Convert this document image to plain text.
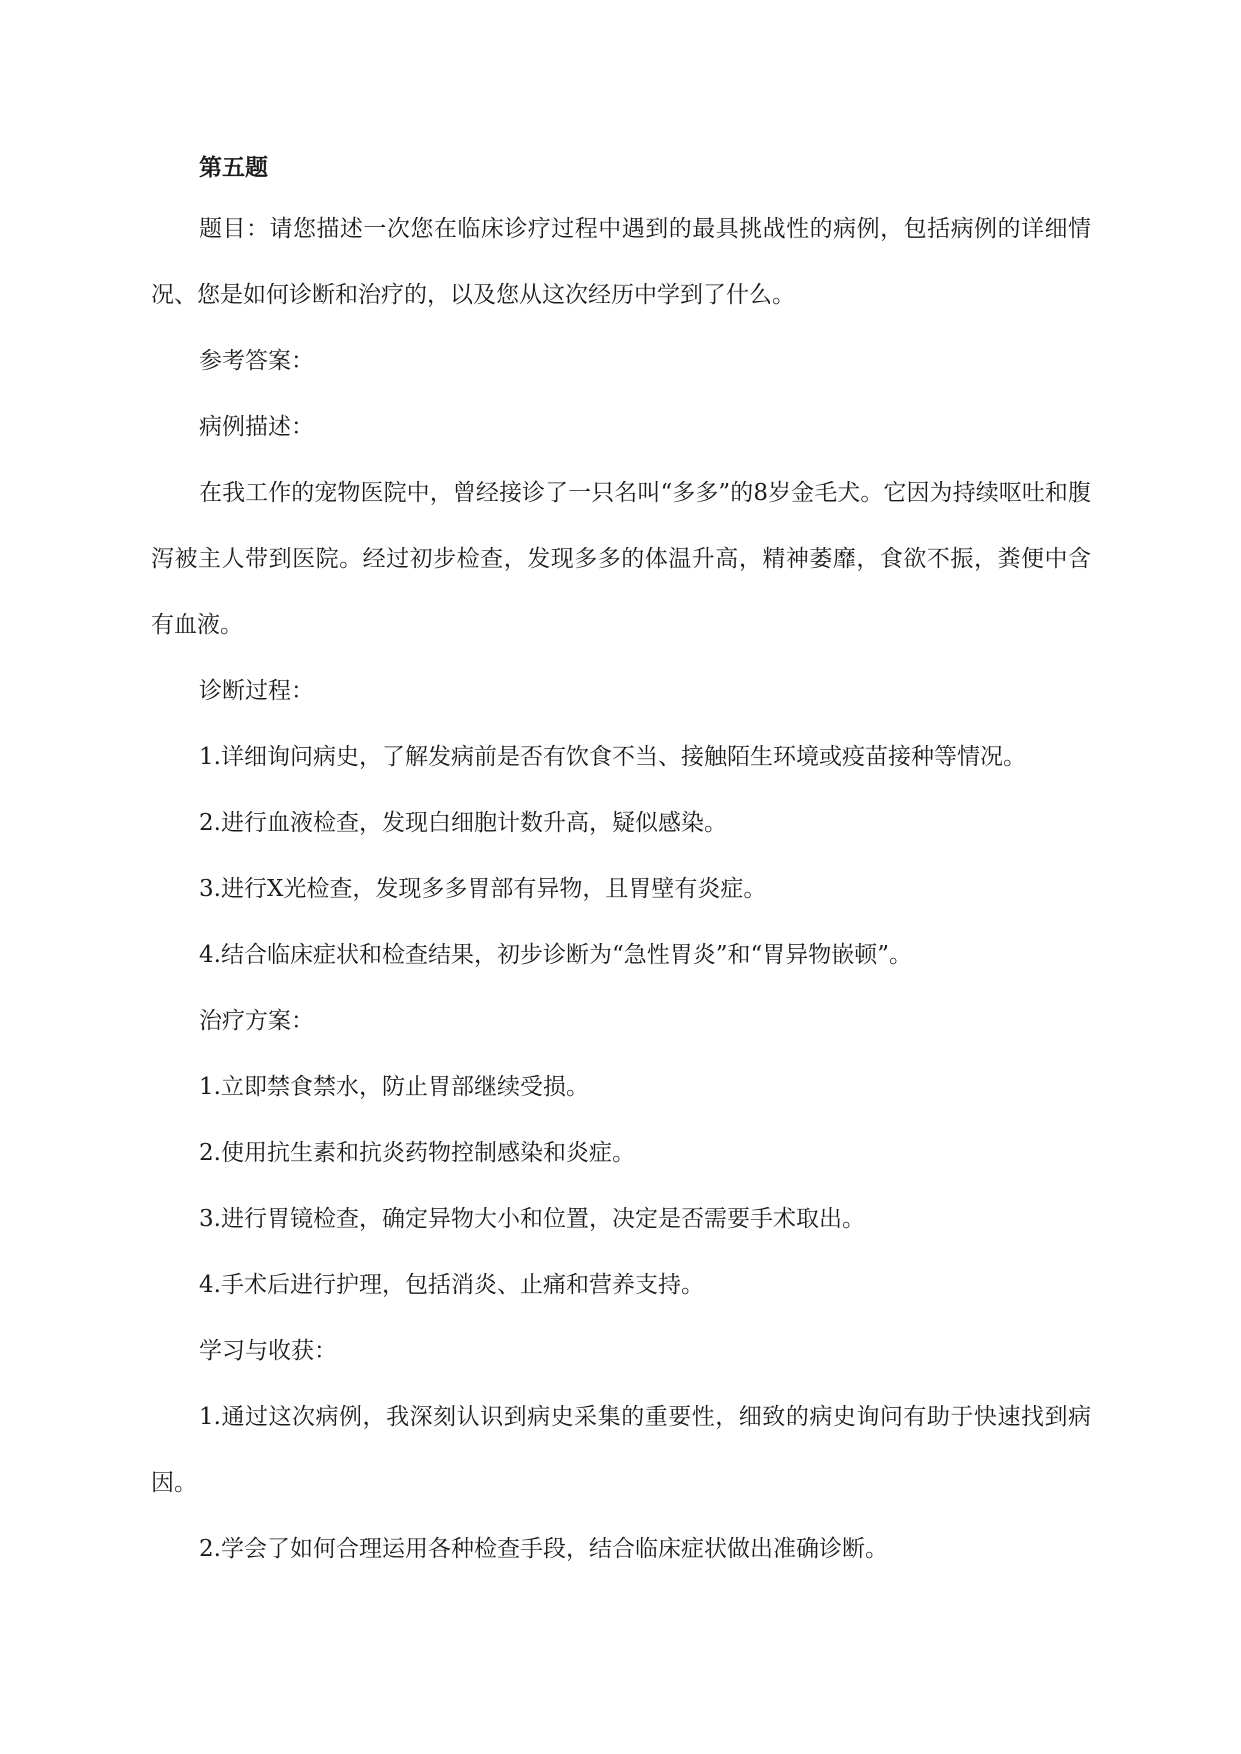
第五题

题目：请您描述一次您在临床诊疗过程中遇到的最具挑战性的病例，包括病例的详细情况、您是如何诊断和治疗的，以及您从这次经历中学到了什么。

参考答案：

病例描述：

在我工作的宠物医院中，曾经接诊了一只名叫“多多”的8岁金毛犬。它因为持续呕吐和腹泻被主人带到医院。经过初步检查，发现多多的体温升高，精神萎靡，食欲不振，粪便中含有血液。

诊断过程：

1.详细询问病史，了解发病前是否有饮食不当、接触陌生环境或疫苗接种等情况。

2.进行血液检查，发现白细胞计数升高，疑似感染。

3.进行X光检查，发现多多胃部有异物，且胃壁有炎症。

4.结合临床症状和检查结果，初步诊断为“急性胃炎”和“胃异物嵌顿”。

治疗方案：

1.立即禁食禁水，防止胃部继续受损。

2.使用抗生素和抗炎药物控制感染和炎症。

3.进行胃镜检查，确定异物大小和位置，决定是否需要手术取出。

4.手术后进行护理，包括消炎、止痛和营养支持。

学习与收获：

1.通过这次病例，我深刻认识到病史采集的重要性，细致的病史询问有助于快速找到病因。

2.学会了如何合理运用各种检查手段，结合临床症状做出准确诊断。
